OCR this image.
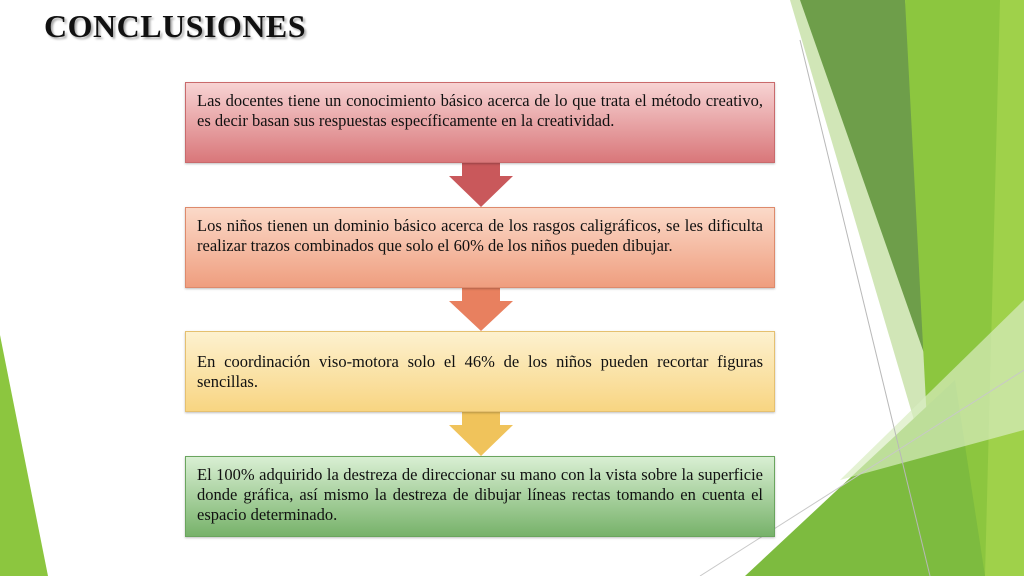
CONCLUSIONES
Las docentes tiene un conocimiento básico acerca de lo que trata el método creativo, es decir basan sus respuestas específicamente en la creatividad.
Los niños tienen un dominio básico acerca de los rasgos caligráficos, se les dificulta realizar trazos combinados que solo el 60% de los niños pueden dibujar.
En coordinación viso-motora solo el 46% de los niños pueden recortar figuras sencillas.
El 100% adquirido la destreza de direccionar su mano con la vista sobre la superficie donde gráfica, así mismo la destreza de dibujar líneas rectas tomando en cuenta el espacio determinado.
